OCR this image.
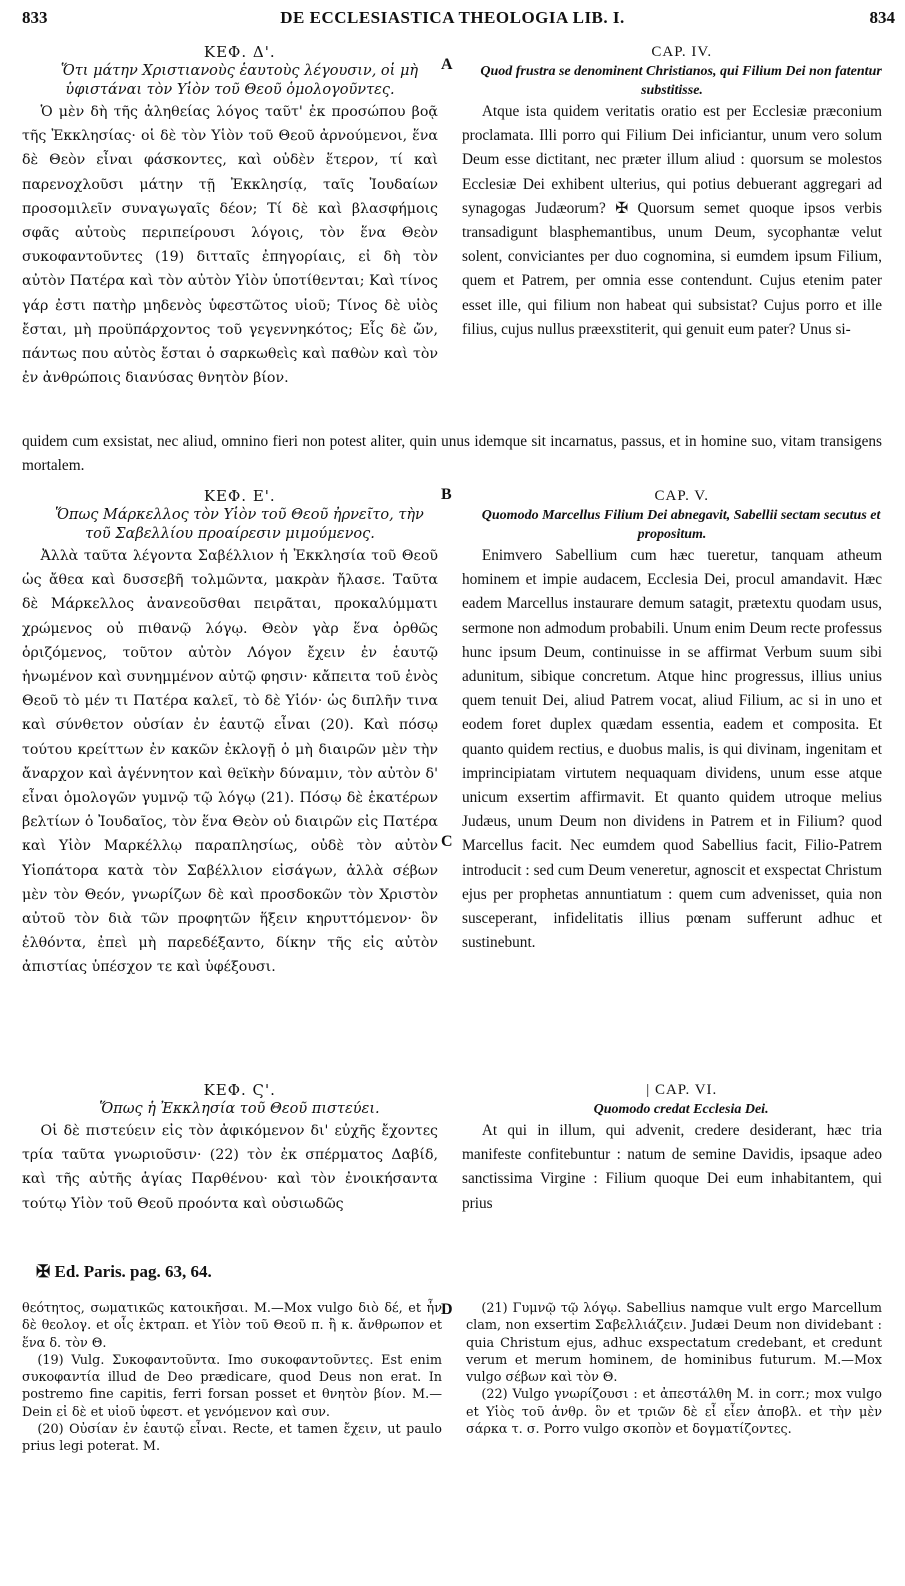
833	DE ECCLESIASTICA THEOLOGIA LIB. I.	834
A

ΚΕΦ. Δ'.

Ὅτι μάτην Χριστιανοὺς ἑαυτοὺς λέγουσιν, οἱ μὴ ὑφιστάναι τὸν Υἱὸν τοῦ Θεοῦ ὁμολογοῦντες.

Ὁ μὲν δὴ τῆς ἀληθείας λόγος ταῦτ' ἐκ προσώπου βοᾷ τῆς Ἐκκλησίας· οἱ δὲ τὸν Υἱὸν τοῦ Θεοῦ ἀρνούμενοι, ἕνα δὲ Θεὸν εἶναι φάσκοντες, καὶ οὐδὲν ἕτερον, τί καὶ παρενοχλοῦσι μάτην τῇ Ἐκκλησίᾳ, ταῖς Ἰουδαίων προσομιλεῖν συναγωγαῖς δέον; Τί δὲ καὶ βλασφήμοις σφᾶς αὐτοὺς περιπείρουσι λόγοις, τὸν ἕνα Θεὸν συκοφαντοῦντες (19) διτταῖς ἐπηγορίαις, εἰ δὴ τὸν αὐτὸν Πατέρα καὶ τὸν αὐτὸν Υἱὸν ὑποτίθενται; Καὶ τίνος γάρ ἐστι πατὴρ μηδενὸς ὑφεστῶτος υἱοῦ; Τίνος δὲ υἱὸς ἔσται, μὴ προϋπάρχοντος τοῦ γεγεννηκότος; Εἷς δὲ ὤν, πάντως που αὐτὸς ἔσται ὁ σαρκωθεὶς καὶ παθὼν καὶ τὸν ἐν ἀνθρώποις διανύσας θνητὸν βίον.

CAP. IV.

Quod frustra se denominent Christianos, qui Filium Dei non fatentur substitisse.

Atque ista quidem veritatis oratio est per Ecclesiæ præconium proclamata. Illi porro qui Filium Dei inficiantur, unum vero solum Deum esse dictitant, nec præter illum aliud : quorsum se molestos Ecclesiæ Dei exhibent ulterius, qui potius debuerant aggregari ad synagogas Judæorum? ✠ Quorsum semet quoque ipsos verbis transadigunt blasphemantibus, unum Deum, sycophantæ velut solent, conviciantes per duo cognomina, si eumdem ipsum Filium, quem et Patrem, per omnia esse contendunt. Cujus etenim pater esset ille, qui filium non habeat qui subsistat? Cujus porro et ille filius, cujus nullus præexstiterit, qui genuit eum pater? Unus si-

quidem cum exsistat, nec aliud, omnino fieri non potest aliter, quin unus idemque sit incarnatus, passus, et in homine suo, vitam transigens mortalem.
B

ΚΕΦ. Ε'.

Ὅπως Μάρκελλος τὸν Υἱὸν τοῦ Θεοῦ ἠρνεῖτο, τὴν τοῦ Σαβελλίου προαίρεσιν μιμούμενος.

Ἀλλὰ ταῦτα λέγοντα Σαβέλλιον ἡ Ἐκκλησία τοῦ Θεοῦ ὡς ἄθεα καὶ δυσσεβῆ τολμῶντα, μακρὰν ἤλασε. Ταῦτα δὲ Μάρκελλος ἀνανεοῦσθαι πειρᾶται, προκαλύμματι χρώμενος οὐ πιθανῷ λόγῳ. Θεὸν γὰρ ἕνα ὀρθῶς ὁριζόμενος, τοῦτον αὐτὸν Λόγον ἔχειν ἐν ἑαυτῷ ἡνωμένον καὶ συνημμένον αὐτῷ φησιν· κἄπειτα τοῦ ἑνὸς Θεοῦ τὸ μέν τι Πατέρα καλεῖ, τὸ δὲ Υἱόν· ὡς διπλῆν τινα καὶ σύνθετον οὐσίαν ἐν ἑαυτῷ εἶναι (20). Καὶ πόσῳ τούτου κρείττων ἐν κακῶν ἐκλογῇ ὁ μὴ διαιρῶν μὲν τὴν ἄναρχον καὶ ἀγέννητον καὶ θεϊκὴν δύναμιν, τὸν αὐτὸν δ' εἶναι ὁμολογῶν γυμνῷ τῷ λόγῳ (21). Πόσῳ δὲ ἑκατέρων βελτίων ὁ Ἰουδαῖος, τὸν ἕνα Θεὸν οὐ διαιρῶν εἰς Πατέρα καὶ Υἱὸν Μαρκέλλῳ παραπλησίως, οὐδὲ τὸν αὐτὸν Υἱοπάτορα κατὰ τὸν Σαβέλλιον εἰσάγων, ἀλλὰ σέβων μὲν τὸν Θεόν, γνωρίζων δὲ καὶ προσδοκῶν τὸν Χριστὸν αὐτοῦ τὸν διὰ τῶν προφητῶν ἥξειν κηρυττόμενον· ὃν ἐλθόντα, ἐπεὶ μὴ παρεδέξαντο, δίκην τῆς εἰς αὐτὸν ἀπιστίας ὑπέσχον τε καὶ ὑφέξουσι.

C

CAP. V.

Quomodo Marcellus Filium Dei abnegavit, Sabellii sectam secutus et propositum.

Enimvero Sabellium cum hæc tueretur, tanquam atheum hominem et impie audacem, Ecclesia Dei, procul amandavit. Hæc eadem Marcellus instaurare demum satagit, prætextu quodam usus, sermone non admodum probabili. Unum enim Deum recte professus hunc ipsum Deum, continuisse in se affirmat Verbum suum sibi adunitum, sibique concretum. Atque hinc progressus, illius unius quem tenuit Dei, aliud Patrem vocat, aliud Filium, ac si in uno et eodem foret duplex quædam essentia, eadem et composita. Et quanto quidem rectius, e duobus malis, is qui divinam, ingenitam et imprincipiatam virtutem nequaquam dividens, unum esse atque unicum exsertim affirmavit. Et quanto quidem utroque melius Judæus, unum Deum non dividens in Patrem et in Filium? quod Marcellus facit. Nec eumdem quod Sabellius facit, Filio-Patrem introducit : sed cum Deum veneretur, agnoscit et exspectat Christum ejus per prophetas annuntiatum : quem cum advenisset, quia non susceperant, infidelitatis illius pœnam sufferunt adhuc et sustinebunt.

ΚΕΦ. Ϛ'.

Ὅπως ἡ Ἐκκλησία τοῦ Θεοῦ πιστεύει.

Οἱ δὲ πιστεύειν εἰς τὸν ἀφικόμενον δι' εὐχῆς ἔχοντες τρία ταῦτα γνωριοῦσιν· (22) τὸν ἐκ σπέρματος Δαβίδ, καὶ τῆς αὐτῆς ἁγίας Παρθένου· καὶ τὸν ἐνοικήσαντα τούτῳ Υἱὸν τοῦ Θεοῦ προόντα καὶ οὐσιωδῶς

| CAP. VI.

Quomodo credat Ecclesia Dei.

At qui in illum, qui advenit, credere desiderant, hæc tria manifeste confitebuntur : natum de semine Davidis, ipsaque adeo sanctissima Virgine : Filium quoque Dei eum inhabitantem, qui prius

✠ Ed. Paris. pag. 63, 64.
D

θεότητος, σωματικῶς κατοικῆσαι. M.—Mox vulgo διὸ δέ, et ἦν δὲ θεολογ. et οἷς ἐκτραπ. et Υἱὸν τοῦ Θεοῦ π. ἢ κ. ἄνθρωπον et ἕνα δ. τὸν Θ.

(19) Vulg. Συκοφαντοῦντα. Imo συκοφαντοῦντες. Est enim συκοφαντία illud de Deo prædicare, quod Deus non erat. In postremo fine capitis, ferri forsan posset et θνητὸν βίον. M.—Dein εἰ δὲ et υἱοῦ ὑφεστ. et γενόμενον καὶ συν.

(20) Οὐσίαν ἐν ἑαυτῷ εἶναι. Recte, et tamen ἔχειν, ut paulo prius legi poterat. M.

(21) Γυμνῷ τῷ λόγῳ. Sabellius namque vult ergo Marcellum clam, non exsertim Σαβελλιάζειν. Judæi Deum non dividebant : quia Christum ejus, adhuc exspectatum credebant, et credunt verum et merum hominem, de hominibus futurum. M.—Mox vulgo σέβων καὶ τὸν Θ.

(22) Vulgo γνωρίζουσι : et ἀπεστάλθη M. in corr.; mox vulgo et Υἱὸς τοῦ ἀνθρ. ὃν et τριῶν δὲ εἶ εἶεν ἀποβλ. et τὴν μὲν σάρκα τ. σ. Porro vulgo σκοπὸν et δογματίζοντες.
